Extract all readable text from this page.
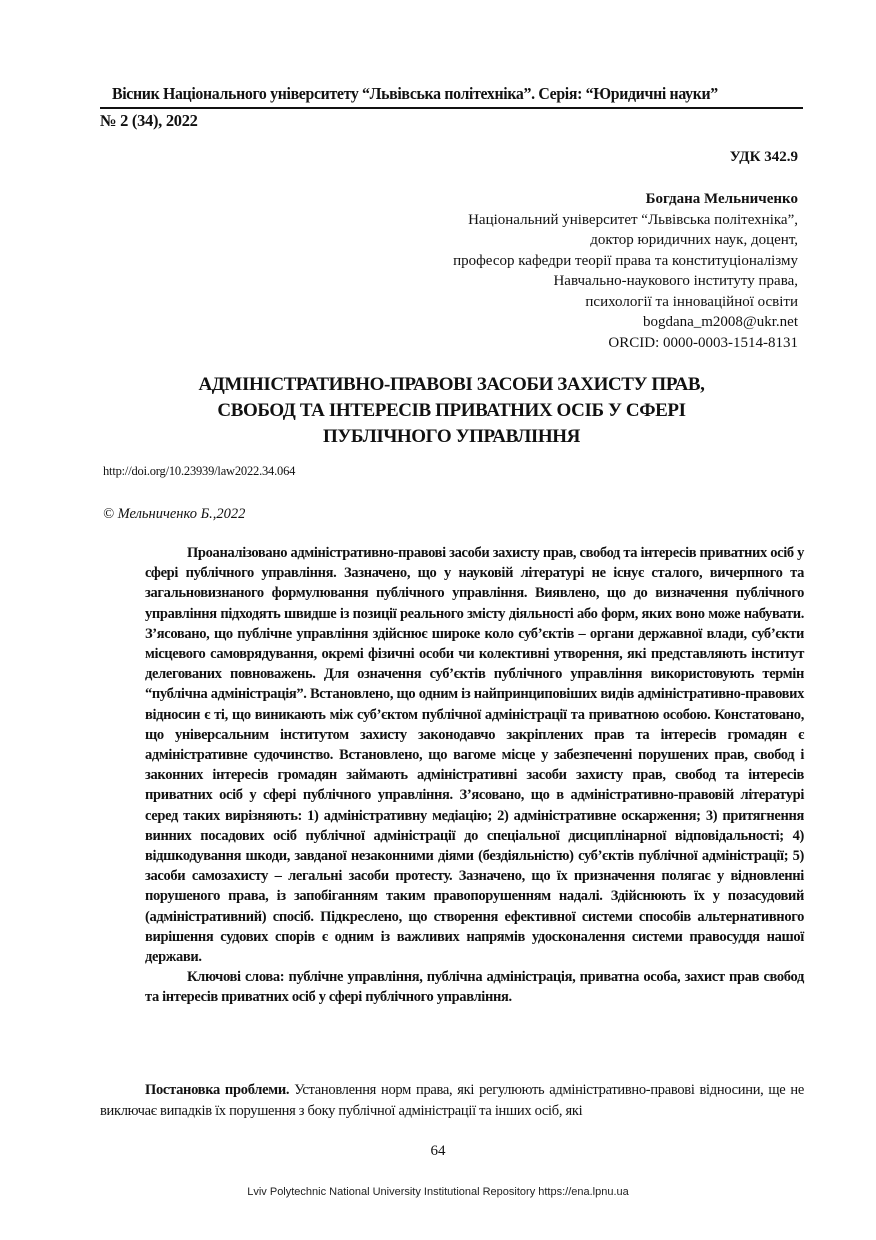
Вісник Національного університету “Львівська політехніка”. Серія: “Юридичні науки”
№ 2 (34), 2022
УДК 342.9
Богдана Мельниченко
Національний університет “Львівська політехніка”,
доктор юридичних наук, доцент,
професор кафедри теорії права та конституціоналізму
Навчально-наукового інституту права,
психології та інноваційної освіти
bogdana_m2008@ukr.net
ORCID: 0000-0003-1514-8131
АДМІНІСТРАТИВНО-ПРАВОВІ ЗАСОБИ ЗАХИСТУ ПРАВ,
СВОБОД ТА ІНТЕРЕСІВ ПРИВАТНИХ ОСІБ У СФЕРІ
ПУБЛІЧНОГО УПРАВЛІННЯ
http://doi.org/10.23939/law2022.34.064
© Мельниченко Б.,2022

Проаналізовано адміністративно-правові засоби захисту прав, свобод та інтересів приватних осіб у сфері публічного управління. Зазначено, що у науковій літературі не існує сталого, вичерпного та загальновизнаного формулювання публічного управління. Виявлено, що до визначення публічного управління підходять швидше із позиції реального змісту діяльності або форм, яких воно може набувати. З’ясовано, що публічне управління здійснює широке коло суб’єктів – органи державної влади, суб’єкти місцевого самоврядування, окремі фізичні особи чи колективні утворення, які представляють інститут делегованих повноважень. Для означення суб’єктів публічного управління використовують термін “публічна адміністрація”. Встановлено, що одним із найпринциповіших видів адміністративно-правових відносин є ті, що виникають між суб’єктом публічної адміністрації та приватною особою. Констатовано, що універсальним інститутом захисту законодавчо закріплених прав та інтересів громадян є адміністративне судочинство. Встановлено, що вагоме місце у забезпеченні порушених прав, свобод і законних інтересів громадян займають адміністративні засоби захисту прав, свобод та інтересів приватних осіб у сфері публічного управління. З’ясовано, що в адміністративно-правовій літературі серед таких вирізняють: 1) адміністративну медіацію; 2) адміністративне оскарження; 3) притягнення винних посадових осіб публічної адміністрації до спеціальної дисциплінарної відповідальності; 4) відшкодування шкоди, завданої незаконними діями (бездіяльністю) суб’єктів публічної адміністрації; 5) засоби самозахисту – легальні засоби протесту. Зазначено, що їх призначення полягає у відновленні порушеного права, із запобіганням таким правопорушенням надалі. Здійснюють їх у позасудовий (адміністративний) спосіб. Підкреслено, що створення ефективної системи способів альтернативного вирішення судових спорів є одним із важливих напрямів удосконалення системи правосуддя нашої держави.

Ключові слова: публічне управління, публічна адміністрація, приватна особа, захист прав свобод та інтересів приватних осіб у сфері публічного управління.

Постановка проблеми. Установлення норм права, які регулюють адміністративно-правові відносини, ще не виключає випадків їх порушення з боку публічної адміністрації та інших осіб, які

64
Lviv Polytechnic National University Institutional Repository https://ena.lpnu.ua
